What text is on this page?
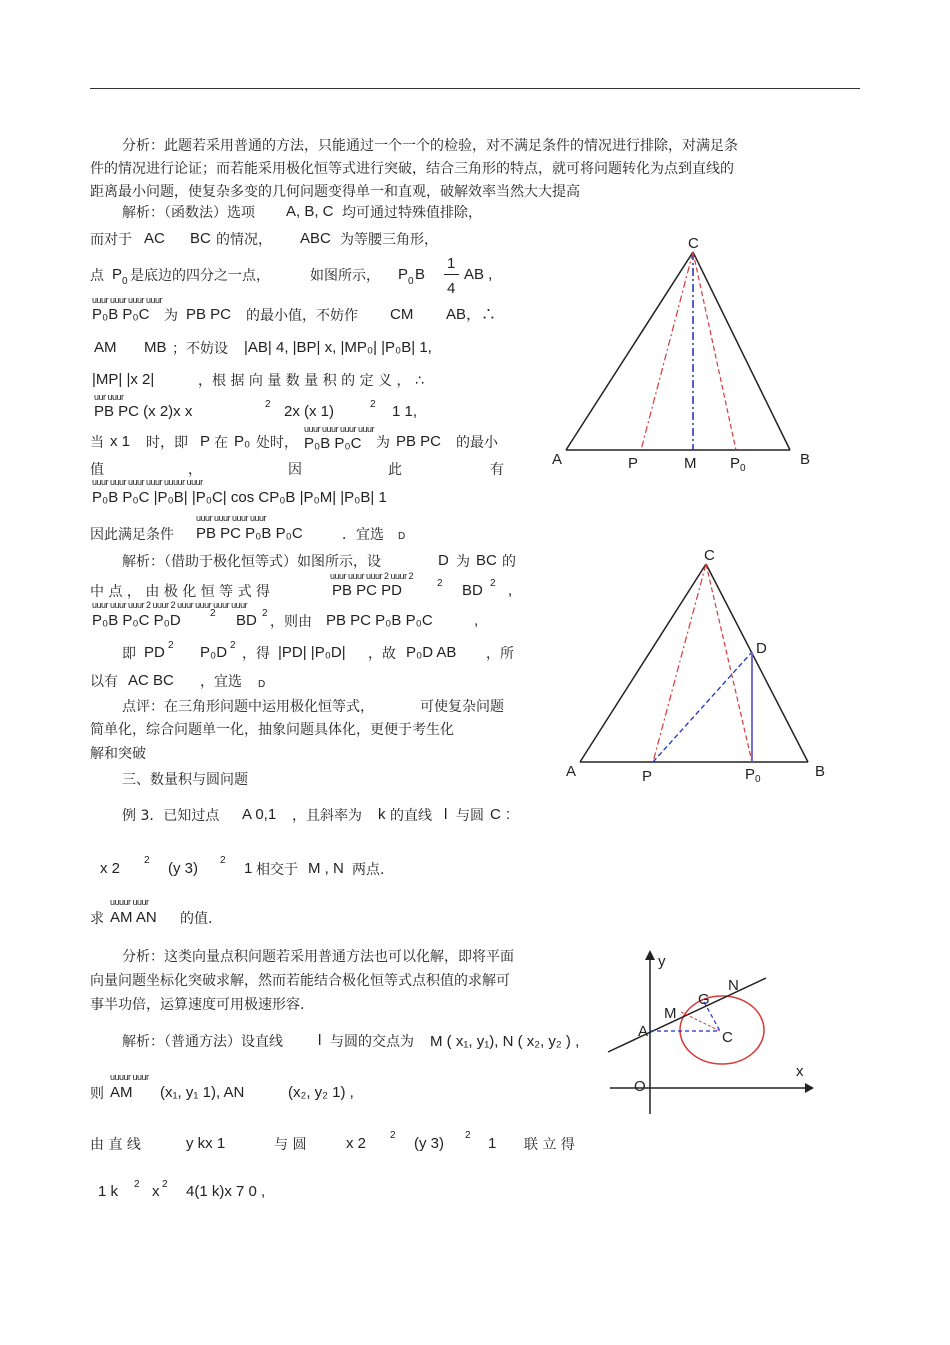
分析：此题若采用普通的方法，只能通过一个一个的检验，对不满足条件的情况进行排除，对满足条
件的情况进行论证；而若能采用极化恒等式进行突破，结合三角形的特点，就可将问题转化为点到直线的
距离最小问题，使复杂多变的几何问题变得单一和直观，破解效率当然大大提高
解析：（函数法）选项 A, B, C 均可通过特殊值排除，
而对于 AC BC 的情况， ABC 为等腰三角形，
点 P 0 是底边的四分之一点，	如图所示， P 0 B
1
4
AB ,
uuur uuur uuur uuur
P₀B P₀C 为 PB PC 的最小值，不妨作 CM AB，∴
AM MB ；不妨设 |AB| 4, |BP| x, |MP₀| |P₀B| 1,
|MP| |x 2|	，根 据 向 量 数 量 积 的 定 义 ， ∴
uur uuur
PB PC (x 2)x x	2 2x (x 1)	2 1 1,
uuur uuur uuur uuur
当 x 1 时，即 P 在 P₀ 处时， P₀B P₀C 为 PB PC 的最小
值	，	因	此	有
uuur uuur uuur uuur uuuur uuur
P₀B P₀C |P₀B| |P₀C| cos CP₀B |P₀M| |P₀B| 1
uuur uuur uuur uuur
因此满足条件 PB PC P₀B P₀C	．宜选 D
解析：（借助于极化恒等式）如图所示，设	D 为 BC 的
uuur uuur uuur 2 uuur 2
中 点 ， 由 极 化 恒 等 式 得	PB PC PD	2 BD 2 ,
uuur uuur uuur 2 uuur 2 uuur uuur uuur uuur
P₀B P₀C P₀D	2 BD 2
，则由 PB PC P₀B P₀C	,
即 PD 2 P₀D 2
，得 |PD| |P₀D| ，故 P₀D AB ，所
以有 AC BC ，宜选 D
点评：在三角形问题中运用极化恒等式，	可使复杂问题
简单化，综合问题单一化，抽象问题具体化，更便于考生化
解和突破
三、数量积与圆问题
例 3．已知过点 A 0,1 ，且斜率为 k 的直线 l 与圆 C :
x 2 2 (y 3) 2 1 相交于 M , N 两点.
uuuur uuur
求 AM AN 的值.
分析：这类向量点积问题若采用普通方法也可以化解，即将平面
向量问题坐标化突破求解，然而若能结合极化恒等式点积值的求解可
事半功倍，运算速度可用极速形容.
解析：（普通方法）设直线 l 与圆的交点为 M ( x₁, y₁), N ( x₂, y₂ ) ,
uuuur uuur
则 AM (x₁, y₁ 1), AN	(x₂, y₂ 1) ,
由 直 线	y kx 1	与 圆	x 2 2 (y 3) 2 1 联 立 得
1 k 2 x 2 4(1 k)x 7 0 ,
C
A	P	M P 0
B
C
D
A	P	P 0	B
y
N
G
M
A	C
O
x
